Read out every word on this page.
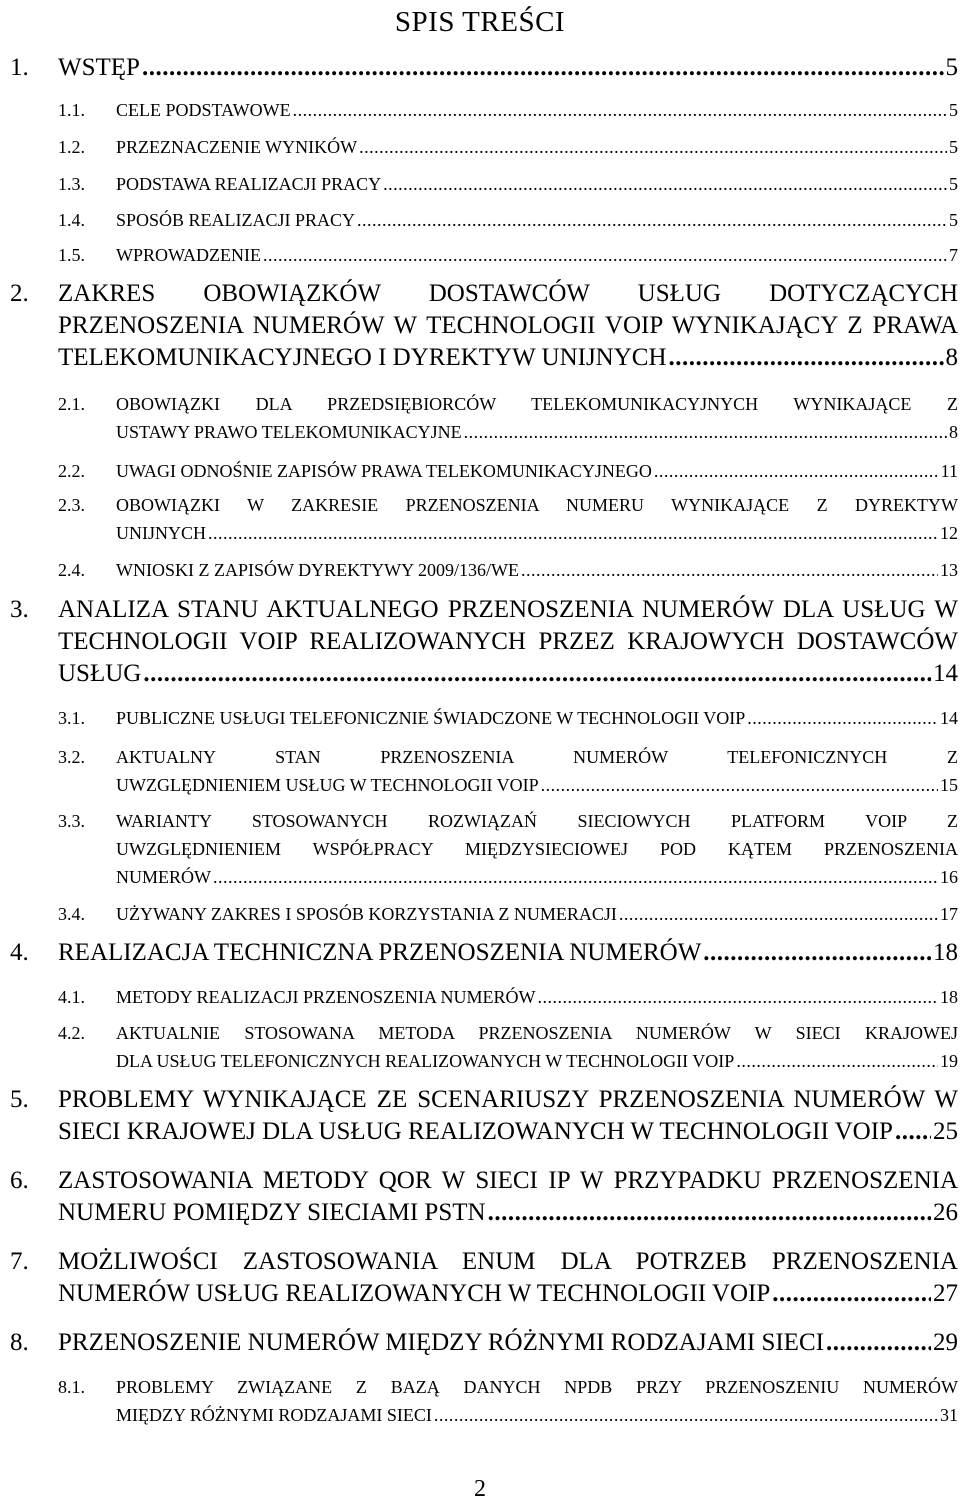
SPIS TREŚCI
1.	WSTĘP .....	5
1.1.	CELE PODSTAWOWE .....	5
1.2.	PRZEZNACZENIE WYNIKÓW .....	5
1.3.	PODSTAWA REALIZACJI PRACY .....	5
1.4.	SPOSÓB REALIZACJI PRACY .....	5
1.5.	WPROWADZENIE .....	7
2.	ZAKRES OBOWIĄZKÓW DOSTAWCÓW USŁUG DOTYCZĄCYCH
PRZENOSZENIA NUMERÓW W TECHNOLOGII VOIP WYNIKAJĄCY Z PRAWA
TELEKOMUNIKACYJNEGO I DYREKTYW UNIJNYCH .....	8
2.1.	OBOWIĄZKI DLA PRZEDSIĘBIORCÓW TELEKOMUNIKACYJNYCH WYNIKAJĄCE Z
USTAWY PRAWO TELEKOMUNIKACYJNE .....	8
2.2.	UWAGI ODNOŚNIE ZAPISÓW PRAWA TELEKOMUNIKACYJNEGO .....	11
2.3.	OBOWIĄZKI W ZAKRESIE PRZENOSZENIA NUMERU WYNIKAJĄCE Z DYREKTYW
UNIJNYCH .....	12
2.4.	WNIOSKI Z ZAPISÓW DYREKTYWY 2009/136/WE .....	13
3.	ANALIZA STANU AKTUALNEGO PRZENOSZENIA NUMERÓW DLA USŁUG W
TECHNOLOGII VOIP REALIZOWANYCH PRZEZ KRAJOWYCH DOSTAWCÓW
USŁUG .....	14
3.1.	PUBLICZNE USŁUGI TELEFONICZNIE ŚWIADCZONE W TECHNOLOGII VOIP .....	14
3.2.	AKTUALNY STAN PRZENOSZENIA NUMERÓW TELEFONICZNYCH Z
UWZGLĘDNIENIEM USŁUG W TECHNOLOGII VOIP .....	15
3.3.	WARIANTY STOSOWANYCH ROZWIĄZAŃ SIECIOWYCH PLATFORM VOIP Z
UWZGLĘDNIENIEM WSPÓŁPRACY MIĘDZYSIECIOWEJ POD KĄTEM PRZENOSZENIA
NUMERÓW .....	16
3.4.	UŻYWANY ZAKRES I SPOSÓB KORZYSTANIA Z NUMERACJI .....	17
4.	REALIZACJA TECHNICZNA PRZENOSZENIA NUMERÓW .....	18
4.1.	METODY REALIZACJI PRZENOSZENIA NUMERÓW .....	18
4.2.	AKTUALNIE STOSOWANA METODA PRZENOSZENIA NUMERÓW W SIECI KRAJOWEJ
DLA USŁUG TELEFONICZNYCH REALIZOWANYCH W TECHNOLOGII VOIP .....	19
5.	PROBLEMY WYNIKAJĄCE ZE SCENARIUSZY PRZENOSZENIA NUMERÓW W
SIECI KRAJOWEJ DLA USŁUG REALIZOWANYCH W TECHNOLOGII VOIP ..... 25
6.	ZASTOSOWANIA METODY QOR W SIECI IP W PRZYPADKU PRZENOSZENIA
NUMERU POMIĘDZY SIECIAMI PSTN .....	26
7.	MOŻLIWOŚCI ZASTOSOWANIA ENUM DLA POTRZEB PRZENOSZENIA
NUMERÓW USŁUG REALIZOWANYCH W TECHNOLOGII VOIP .....	27
8.	PRZENOSZENIE NUMERÓW MIĘDZY RÓŻNYMI RODZAJAMI SIECI .....	29
8.1.	PROBLEMY ZWIĄZANE Z BAZĄ DANYCH NPDB PRZY PRZENOSZENIU NUMERÓW
MIĘDZY RÓŻNYMI RODZAJAMI SIECI .....	31
2
